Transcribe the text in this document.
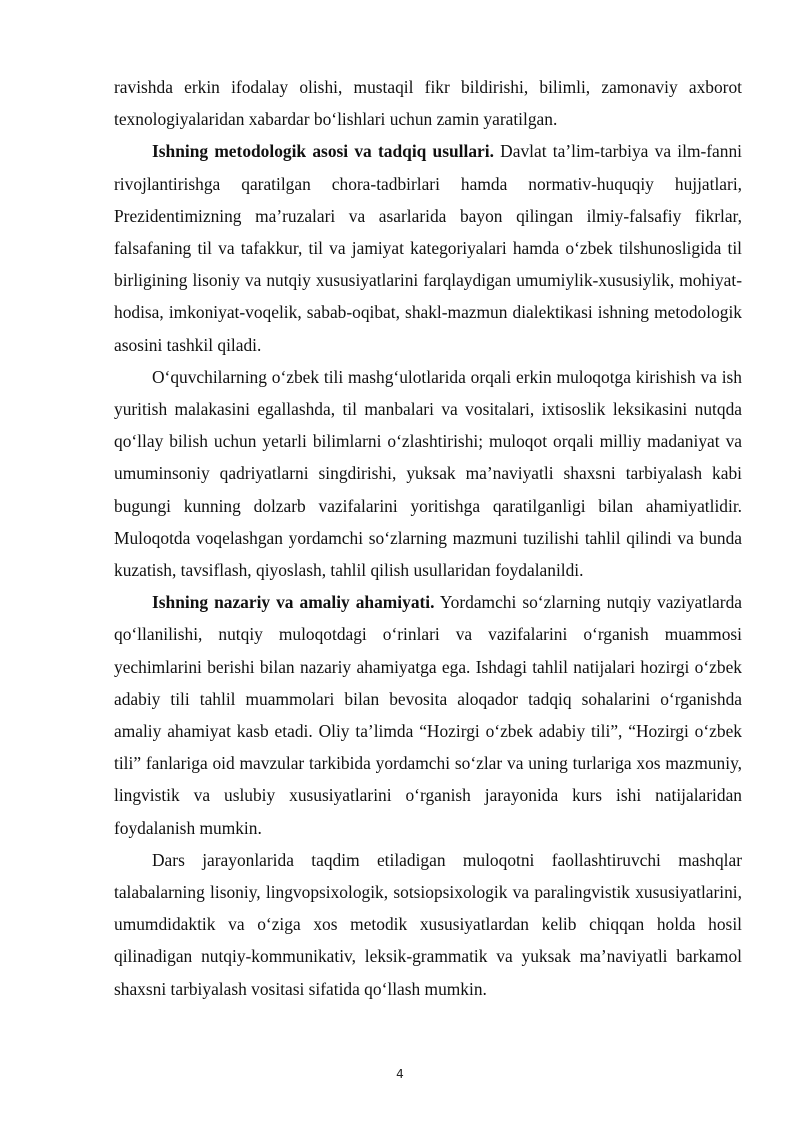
ravishda erkin ifodalay olishi, mustaqil fikr bildirishi, bilimli, zamonaviy axborot texnologiyalaridan xabardar bo‘lishlari uchun zamin yaratilgan.

Ishning metodologik asosi va tadqiq usullari. Davlat ta’lim-tarbiya va ilm-fanni rivojlantirishga qaratilgan chora-tadbirlari hamda normativ-huquqiy hujjatlari, Prezidentimizning ma’ruzalari va asarlarida bayon qilingan ilmiy-falsafiy fikrlar, falsafaning til va tafakkur, til va jamiyat kategoriyalari hamda o‘zbek tilshunosligida til birligining lisoniy va nutqiy xususiyatlarini farqlaydigan umumiylik-xususiylik, mohiyat-hodisa, imkoniyat-voqelik, sabab-oqibat, shakl-mazmun dialektikasi ishning metodologik asosini tashkil qiladi.

O‘quvchilarning o‘zbek tili mashg‘ulotlarida orqali erkin muloqotga kirishish va ish yuritish malakasini egallashda, til manbalari va vositalari, ixtisoslik leksikasini nutqda qo‘llay bilish uchun yetarli bilimlarni o‘zlashtirishi; muloqot orqali milliy madaniyat va umuminsoniy qadriyatlarni singdirishi, yuksak ma’naviyatli shaxsni tarbiyalash kabi bugungi kunning dolzarb vazifalarini yoritishga qaratilganligi bilan ahamiyatlidir. Muloqotda voqelashgan yordamchi so‘zlarning mazmuni tuzilishi tahlil qilindi va bunda kuzatish, tavsiflash, qiyoslash, tahlil qilish usullaridan foydalanildi.

Ishning nazariy va amaliy ahamiyati. Yordamchi so‘zlarning nutqiy vaziyatlarda qo‘llanilishi, nutqiy muloqotdagi o‘rinlari va vazifalarini o‘rganish muammosi yechimlarini berishi bilan nazariy ahamiyatga ega. Ishdagi tahlil natijalari hozirgi o‘zbek adabiy tili tahlil muammolari bilan bevosita aloqador tadqiq sohalarini o‘rganishda amaliy ahamiyat kasb etadi. Oliy ta’limda “Hozirgi o‘zbek adabiy tili”, “Hozirgi o‘zbek tili” fanlariga oid mavzular tarkibida yordamchi so‘zlar va uning turlariga xos mazmuniy, lingvistik va uslubiy xususiyatlarini o‘rganish jarayonida kurs ishi natijalaridan foydalanish mumkin.

Dars jarayonlarida taqdim etiladigan muloqotni faollashtiruvchi mashqlar talabalarning lisoniy, lingvopsixologik, sotsiopsixologik va paralingvistik xususiyatlarini, umumdidaktik va o‘ziga xos metodik xususiyatlardan kelib chiqqan holda hosil qilinadigan nutqiy-kommunikativ, leksik-grammatik va yuksak ma’naviyatli barkamol shaxsni tarbiyalash vositasi sifatida qo‘llash mumkin.

4
